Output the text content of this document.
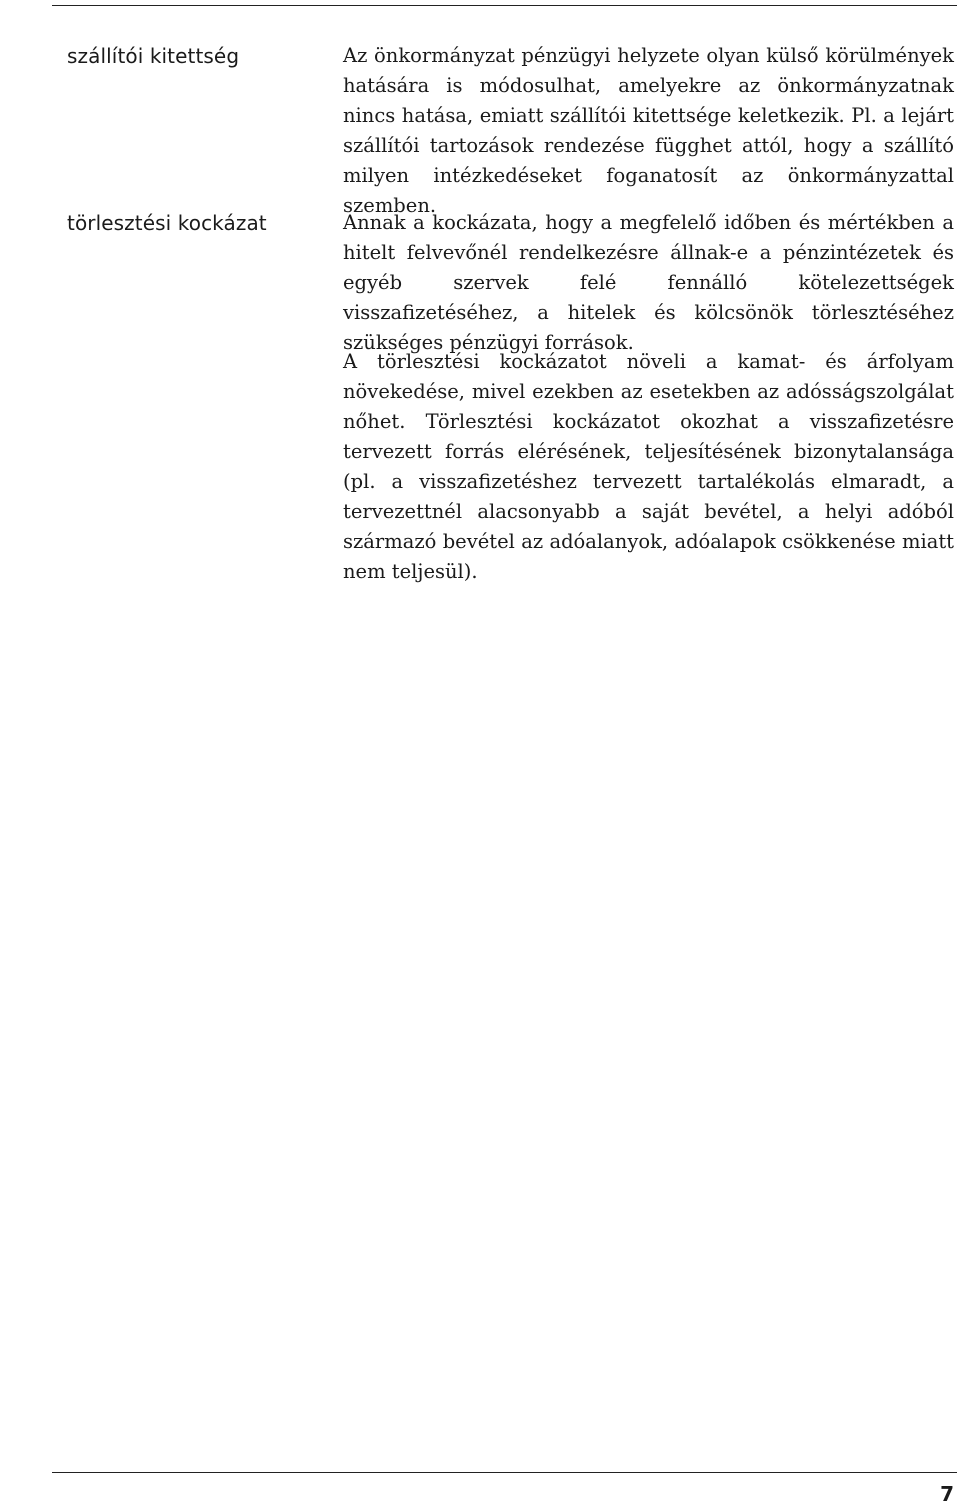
szállítói kitettség	Az önkormányzat pénzügyi helyzete olyan külső körülmények hatására is módosulhat, amelyekre az önkormányzatnak nincs hatása, emiatt szállítói kitettsége keletkezik. Pl. a lejárt szállítói tartozások rendezése függhet attól, hogy a szállító milyen intézkedéseket foganatosít az önkormányzattal szemben.

törlesztési kockázat	Annak a kockázata, hogy a megfelelő időben és mértékben a hitelt felvevőnél rendelkezésre állnak-e a pénzintézetek és egyéb szervek felé fennálló kötelezettségek visszafizetéséhez, a hitelek és kölcsönök törlesztéséhez szükséges pénzügyi források.

A törlesztési kockázatot növeli a kamat- és árfolyam növekedése, mivel ezekben az esetekben az adósságszolgálat nőhet. Törlesztési kockázatot okozhat a visszafizetésre tervezett forrás elérésének, teljesítésének bizonytalansága (pl. a visszafizetéshez tervezett tartalékolás elmaradt, a tervezettnél alacsonyabb a saját bevétel, a helyi adóból származó bevétel az adóalanyok, adóalapok csökkenése miatt nem teljesül).

7
